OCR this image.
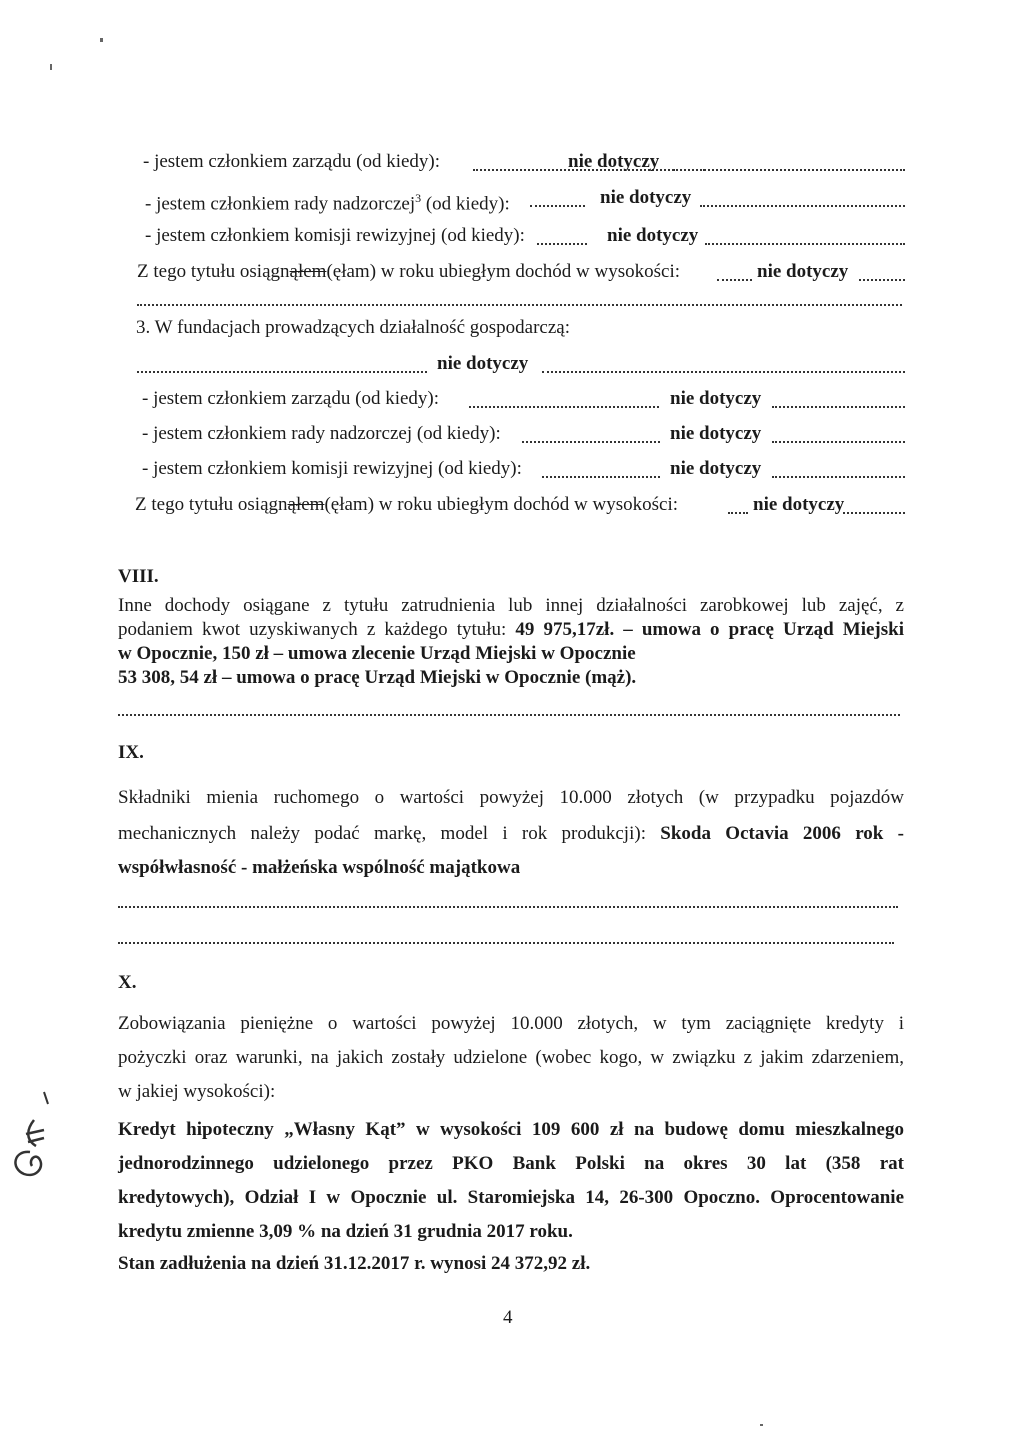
- jestem członkiem zarządu (od kiedy):	nie dotyczy
- jestem członkiem rady nadzorczej$^3$ (od kiedy):	nie dotyczy
- jestem członkiem komisji rewizyjnej (od kiedy):	nie dotyczy
Z tego tytułu osiągnąłem(ęłam) w roku ubiegłym dochód w wysokości:	nie dotyczy
3. W fundacjach prowadzących działalność gospodarczą:
nie dotyczy
- jestem członkiem zarządu (od kiedy):	nie dotyczy
- jestem członkiem rady nadzorczej (od kiedy):	nie dotyczy
- jestem członkiem komisji rewizyjnej (od kiedy):	nie dotyczy
Z tego tytułu osiągnąłem(ęłam) w roku ubiegłym dochód w wysokości:	nie dotyczy
VIII.
Inne dochody osiągane z tytułu zatrudnienia lub innej działalności zarobkowej lub zajęć, z
podaniem kwot uzyskiwanych z każdego tytułu: 49 975,17zł. – umowa o pracę Urząd Miejski
w Opocznie, 150 zł – umowa zlecenie Urząd Miejski w Opocznie
53 308, 54 zł – umowa o pracę Urząd Miejski w Opocznie (mąż).
IX.
Składniki mienia ruchomego o wartości powyżej 10.000 złotych (w przypadku pojazdów
mechanicznych należy podać markę, model i rok produkcji): Skoda Octavia 2006 rok -
współwłasność - małżeńska wspólność majątkowa
X.
Zobowiązania pieniężne o wartości powyżej 10.000 złotych, w tym zaciągnięte kredyty i
pożyczki oraz warunki, na jakich zostały udzielone (wobec kogo, w związku z jakim zdarzeniem,
w jakiej wysokości):
Kredyt hipoteczny „Własny Kąt” w wysokości 109 600 zł na budowę domu mieszkalnego
jednorodzinnego udzielonego przez PKO Bank Polski na okres 30 lat (358 rat
kredytowych), Odział I w Opocznie ul. Staromiejska 14, 26-300 Opoczno. Oprocentowanie
kredytu zmienne 3,09 % na dzień 31 grudnia 2017 roku.
Stan zadłużenia na dzień 31.12.2017 r. wynosi 24 372,92 zł.
4
